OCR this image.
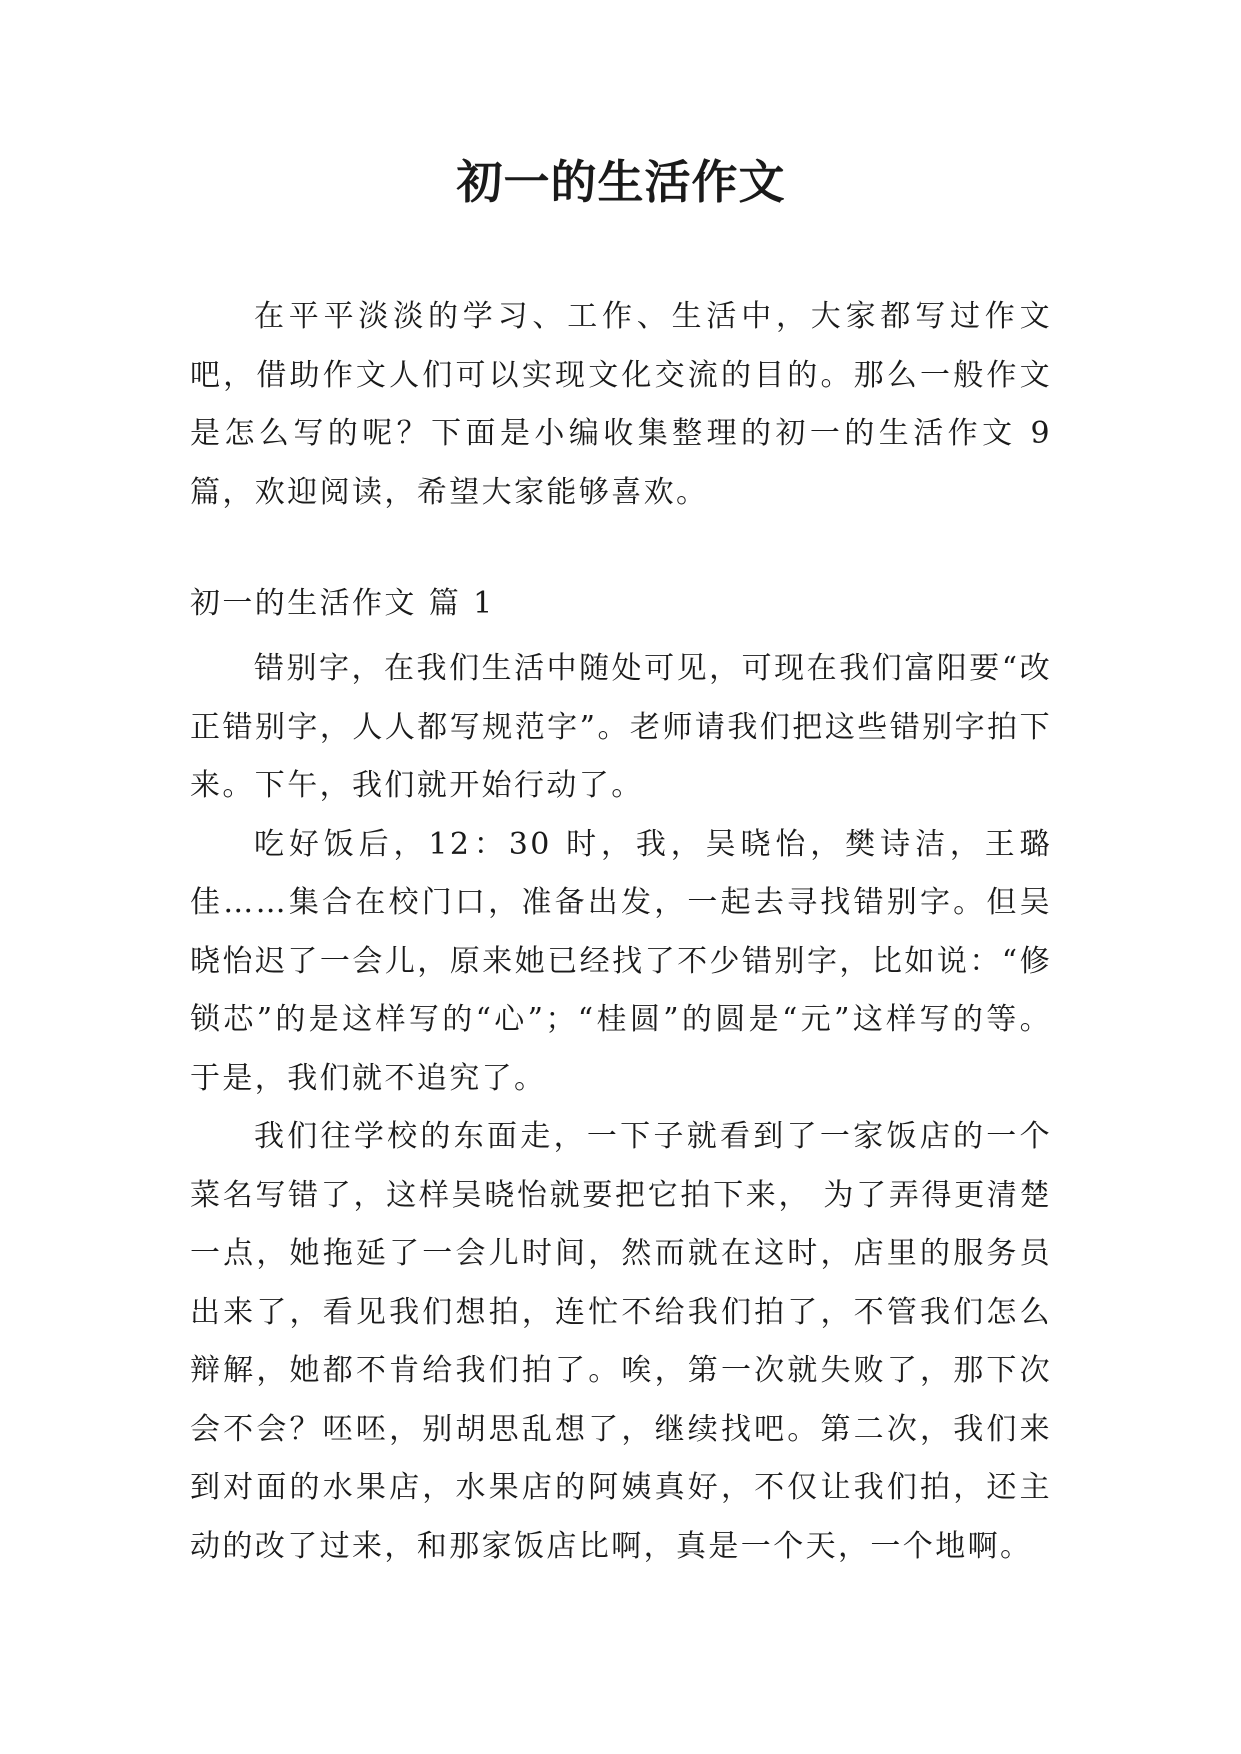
初一的生活作文

在平平淡淡的学习、工作、生活中，大家都写过作文吧，借助作文人们可以实现文化交流的目的。那么一般作文是怎么写的呢？下面是小编收集整理的初一的生活作文 9 篇，欢迎阅读，希望大家能够喜欢。

初一的生活作文 篇 1

错别字，在我们生活中随处可见，可现在我们富阳要“改正错别字，人人都写规范字”。老师请我们把这些错别字拍下来。下午，我们就开始行动了。

吃好饭后，12：30 时，我，吴晓怡，樊诗洁，王璐佳……集合在校门口，准备出发，一起去寻找错别字。但吴晓怡迟了一会儿，原来她已经找了不少错别字，比如说：“修锁芯”的是这样写的“心”；“桂圆”的圆是“元”这样写的等。于是，我们就不追究了。

我们往学校的东面走，一下子就看到了一家饭店的一个菜名写错了，这样吴晓怡就要把它拍下来， 为了弄得更清楚一点，她拖延了一会儿时间，然而就在这时，店里的服务员出来了，看见我们想拍，连忙不给我们拍了，不管我们怎么辩解，她都不肯给我们拍了。唉，第一次就失败了，那下次会不会？呸呸，别胡思乱想了，继续找吧。第二次，我们来到对面的水果店，水果店的阿姨真好，不仅让我们拍，还主动的改了过来，和那家饭店比啊，真是一个天，一个地啊。
